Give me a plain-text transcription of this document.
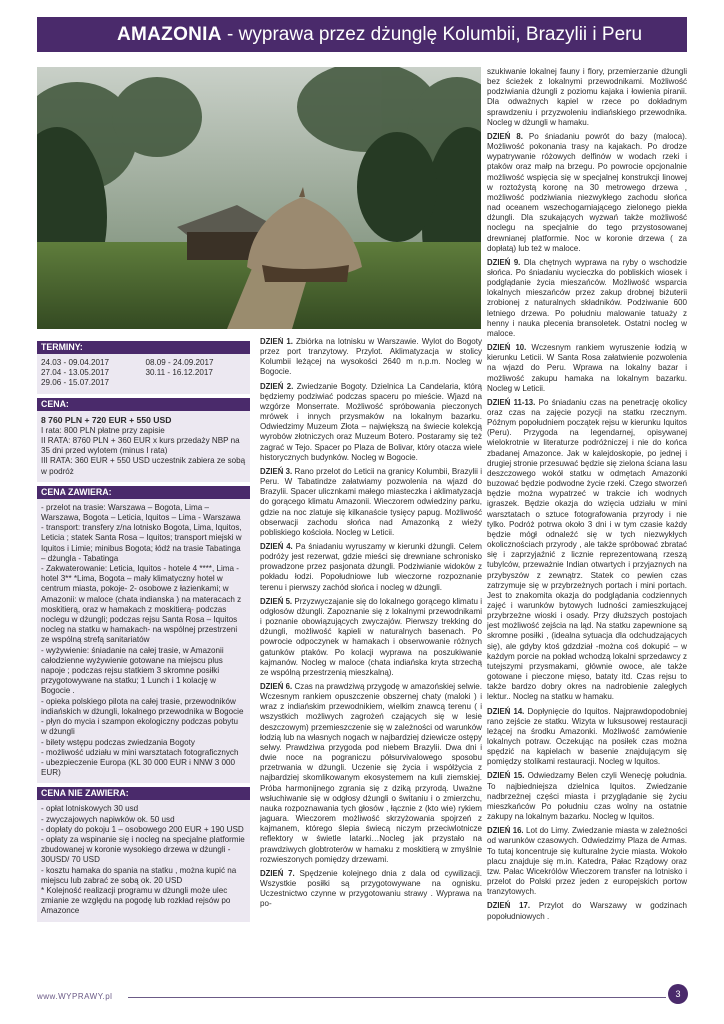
AMAZONIA - wyprawa przez dżunglę Kolumbii, Brazylii i Peru
TERMINY:
24.03 - 09.04.2017
27.04 - 13.05.2017
29.06 - 15.07.2017
08.09 - 24.09.2017
30.11 - 16.12.2017
CENA:
8 760 PLN + 720 EUR + 550 USD
I rata: 800 PLN płatne przy zapisie
II RATA: 8760 PLN + 360 EUR x kurs przedaży NBP na 35 dni przed wylotem (minus I rata)
III RATA: 360 EUR + 550 USD uczestnik zabiera ze sobą w podróż
CENA ZAWIERA:
- przelot na trasie: Warszawa – Bogota, Lima – Warszawa, Bogota – Leticia, Iquitos – Lima - Warszawa
- transport: transfery z/na lotnisko Bogota, Lima, Iquitos, Leticia ; statek Santa Rosa – Iquitos; transport miejski w Iquitos i Limie; minibus Bogota; łódź na trasie Tabatinga – dżungla - Tabatinga
- Zakwaterowanie: Leticia, Iquitos - hotele 4 ****, Lima - hotel 3** *Lima, Bogota – mały klimatyczny hotel w centrum miasta, pokoje- 2- osobowe z łazienkami; w Amazonii: w maloce (chata indianska ) na materacach z moskitierą, oraz w hamakach z moskitierą- podczas noclegu w dżungli; podczas rejsu Santa Rosa – Iquitos nocleg na statku w hamakach- na wspólnej przestrzeni ze wspólną strefą sanitariatów
- wyżywienie: śniadanie na całej trasie, w Amazonii całodzienne wyżywienie gotowane na miejscu plus napoje ; podczas rejsu statkiem 3 skromne posiłki przygotowywane na statku; 1 Lunch i 1 kolację w Bogocie .
- opieka polskiego pilota na całej trasie, przewodników indiańskich w dżungli, lokalnego przewodnika w Bogocie
- płyn do mycia i szampon ekologiczny podczas pobytu w dżungli
- bilety wstępu podczas zwiedzania Bogoty
- możliwość udziału w mini warsztatach fotograficznych
- ubezpieczenie Europa (KL 30 000 EUR i NNW 3 000 EUR)
CENA NIE ZAWIERA:
- opłat lotniskowych 30 usd
- zwyczajowych napiwków ok. 50 usd
- dopłaty do pokoju 1 – osobowego 200 EUR + 190 USD
- opłaty za wspinanie się i nocleg na specjalne platformie zbudowanej w koronie wysokiego drzewa w dżungli - 30USD/ 70 USD
- kosztu hamaka do spania na statku , można kupić na miejscu lub zabrać ze sobą ok. 20 USD
* Kolejność realizacji programu w dżungli może ulec zmianie ze względu na pogodę lub rozkład rejsów po Amazonce

DZIEŃ 1. Zbiórka na lotnisku w Warszawie. Wylot do Bogoty przez port tranzytowy. Przylot. Aklimatyzacja w stolicy Kolumbii leżącej na wysokości 2640 m n.p.m. Nocleg w Bogocie.

DZIEŃ 2. Zwiedzanie Bogoty. Dzielnica La Candelaria, którą będziemy podziwiać podczas spaceru po mieście. Wjazd na wzgórze Monserrate. Możliwość spróbowania pieczonych mrówek i innych przysmaków na lokalnym bazarku. Odwiedzimy Muzeum Złota – największą na świecie kolekcją wyrobów złotniczych oraz Muzeum Botero. Postaramy się też zagrać w Tejo. Spacer po Plaza de Bolivar, który otacza wiele historycznych budynków. Nocleg w Bogocie.

DZIEŃ 3. Rano przelot do Leticii na granicy Kolumbii, Brazylii i Peru. W Tabatindze załatwiamy pozwolenia na wjazd do Brazylii. Spacer ulicznkami małego miasteczka i aklimatyzacja do gorącego klimatu Amazonii. Wieczorem odwiedziny parku, gdzie na noc zlatuje się kilkanaście tysięcy papug. Możliwość obserwacji zachodu słońca nad Amazonką z wieży pobliskiego kościoła. Nocleg w Leticii.

DZIEŃ 4. Pa śniadaniu wyruszamy w kierunki dżungli. Celem podróży jest rezerwat, gdzie mieści się drewniane schronisko prowadzone przez pasjonata dżungli. Podziwianie widoków z pokładu łodzi. Popołudniowe lub wieczorne rozpoznanie terenu i pierwszy zachód słońca i nocleg w dżungli.

DZIEŃ 5. Przyzwyczajanie się do lokalnego gorącego klimatu i odgłosów dżungli. Zapoznanie się z lokalnymi przewodnikami i poznanie obowiązujących zwyczajów. Pierwszy trekking do dżungli, możliwość kąpieli w naturalnych basenach. Po powrocie odpoczynek w hamakach i obserwowanie różnych gatunków ptaków. Po kolacji wyprawa na poszukiwanie kajmanów. Nocleg w maloce (chata indiańska kryta strzechą ze wspólną przestrzenią mieszkalną).

DZIEŃ 6. Czas na prawdziwą przygodę w amazońskiej selwie. Wczesnym rankiem opuszczenie obszernej chaty (maloki ) i wraz z indiańskim przewodnikiem, wielkim znawcą terenu ( i wszystkich możliwych zagrożeń czających się w lesie deszczowym) przemieszczenie się w zależności od warunków łodzią lub na własnych nogach w najbardziej dziewicze ostępy selwy. Prawdziwa przygoda pod niebem Brazylii. Dwa dni i dwie noce na pograniczu półsurvivalowego sposobu przetrwania w dżungli. Uczenie się życia i współżycia z najbardziej skomlikowanym ekosystemem na kuli ziemskiej. Próba harmonijnego zgrania się z dziką przyrodą. Uważne wsłuchiwanie się w odgłosy dżungli o świtaniu i o zmierzchu, nauka rozpoznawania tych głosów , łącznie z (kto wie) rykiem jaguara. Wieczorem możliwość skrzyżowania spojrzeń z kajmanem, którego ślepia świecą niczym przeciwlotnicze reflektory w świetle latarki…Nocleg jak przystało na prawdziwych globtroterów w hamaku z moskitierą w zmyślnie rozwieszonych pomiędzy drzewami.

DZIEŃ 7. Spędzenie kolejnego dnia z dala od cywilizacji. Wszystkie posiłki są przygotowywane na ognisku. Uczestnictwo czynne w przygotowaniu strawy . Wyprawa na po-

szukiwanie lokalnej fauny i flory, przemierzanie dżungli bez ścieżek z lokalnymi przewodnikami. Możliwość podziwiania dżungli z poziomu kajaka i łowienia piranii. Dla odważnych kąpiel w rzece po dokładnym sprawdzeniu i przyzwoleniu indiańskiego przewodnika. Nocleg w dżungli w hamaku.

DZIEŃ 8. Po śniadaniu powrót do bazy (maloca). Możliwość pokonania trasy na kajakach. Po drodze wypatrywanie różowych delfinów w wodach rzeki i ptaków oraz małp na brzegu. Po powrocie opcjonalnie możliwość wspięcia się w specjalnej konstrukcji linowej w roztożystą koronę na 30 metrowego drzewa , możliwość podziwiania niezwykłego zachodu słońca nad oceanem wszechogarniającego zielonego piekła dżungli. Dla szukających wyzwań także możliwość noclegu na specjalnie do tego przystosowanej drewnianej platformie. Noc w koronie drzewa ( za dopłatą) lub też w maloce.

DZIEŃ 9. Dla chętnych wyprawa na ryby o wschodzie słońca. Po śniadaniu wycieczka do pobliskich wiosek i podglądanie życia mieszańców. Możliwość wsparcia lokalnych mieszańców przez zakup drobnej biżuterii zrobionej z naturalnych składników. Podziwanie 600 letniego drzewa. Po południu malowanie tatuaży z henny i nauka plecenia bransoletek. Ostatni nocleg w maloce.

DZIEŃ 10. Wczesnym rankiem wyruszenie łodzią w kierunku Leticii. W Santa Rosa załatwienie pozwolenia na wjazd do Peru. Wprawa na lokalny bazar i możliwość zakupu hamaka na lokalnym bazarku. Nocleg w Leticii.

DZIEŃ 11-13. Po śniadaniu czas na penetrację okolicy oraz czas na zajęcie pozycji na statku rzecznym. Późnym popołudniem początek rejsu w kierunku Iquitos (Peru). Przygoda na legendarnej, opisywanej wielokrotnie w literaturze podróżniczej i nie do końca zbadanej Amazonce. Jak w kalejdoskopie, po jednej i drugiej stronie przesuwać będzie się zielona ściana lasu deszczowego wokół statku w odmętach Amazonki buzować będzie podwodne życie rzeki. Czego stworzeń będzie można wypatrzeć w trakcie ich wodnych igraszek. Będzie okazja do wzięcia udziału w mini warsztatach o sztuce fotografowania przyrody i nie tylko. Podróż potrwa około 3 dni i w tym czasie każdy będzie mógł odnaleźć się w tych niezwykłych okolicznościach przyrody , ale także spróbować zbratać się i zaprzyjaźnić z licznie reprezentowaną rzeszą tubylców, przeważnie Indian otwartych i przyjaznych na przybyszów z zewnątrz. Statek co pewien czas zatrzymuje się w przybrzeżnych portach i mini portach. Jest to znakomita okazja do podglądania codziennych zajęć i warunków bytowych ludności zamieszkującej przybrzeżne wioski i osady. Przy dłuższych postojach jest możliwość zejścia na ląd. Na statku zapewnione są skromne posiłki , (idealna sytuacja dla odchudzających się), ale gdyby ktoś gdzdział -można coś dokupić – w każdym porcie na pokład wchodzą lokalni sprzedawcy z tutejszymi przysmakami, głównie owoce, ale także gotowane i pieczone mięso, bataty itd. Czas rejsu to także bardzo dobry okres na nadrobienie zaległych lektur.. Nocleg na statku w hamaku.

DZIEŃ 14. Dopłynięcie do Iquitos. Najprawdopodobniej rano zejście ze statku. Wizyta w luksusowej restauracji leżącej na środku Amazonki. Możliwość zamówienie lokalnych potraw. Oczekując na posiłek czas można spędzić na kąpielach w basenie znajdującym się pomiędzy stolikami restauracji. Nocleg w Iquitos.

DZIEŃ 15. Odwiedzamy Belen czyli Wenecję południa. To najbiedniejsza dzielnica Iquitos. Zwiedzanie nadbrzeżnej części miasta i przyglądanie się życiu mieszkańców Po południu czas wolny na ostatnie zakupy na lokalnym bazarku. Nocleg w Iquitos.

DZIEŃ 16. Lot do Limy. Zwiedzanie miasta w zależności od warunków czasowych. Odwiedzimy Plaza de Armas. To tutaj koncentruje się kulturalne życie miasta. Wokoło placu znajduje się m.in. Katedra, Pałac Rządowy oraz tzw. Pałac Wicekrólów Wieczorem transfer na lotnisko i przelot do Polski przez jeden z europejskich portow tranzytowych.

DZIEŃ 17. Przylot do Warszawy w godzinach popołudniowych .

www.WYPRAWY.pl	3
